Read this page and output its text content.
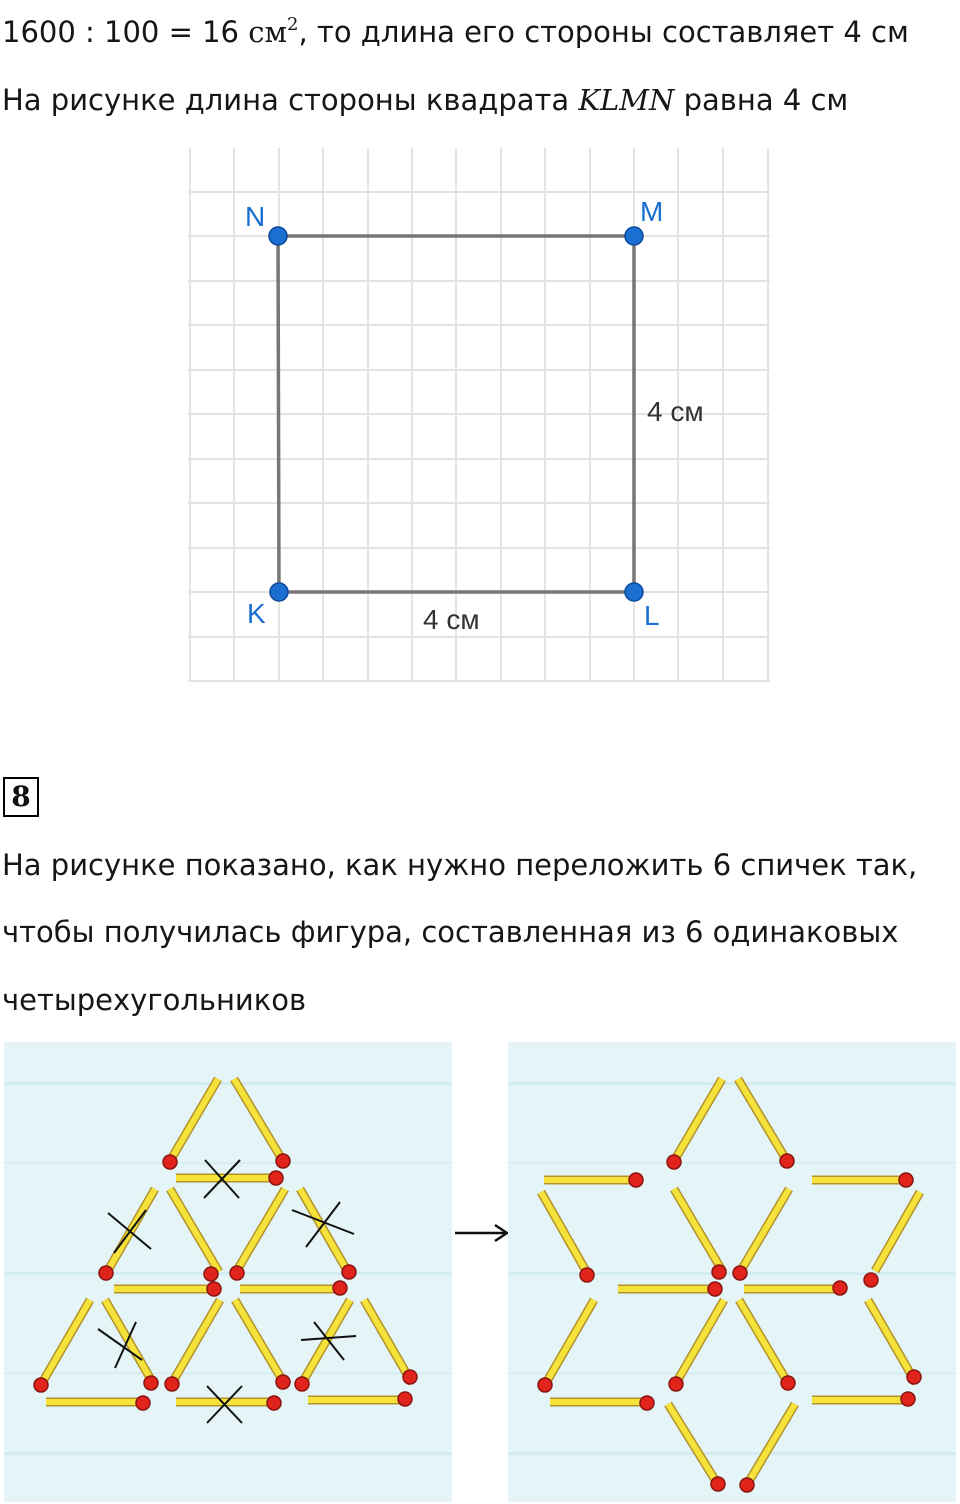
1600 : 100 = 16 $см^2$, то длина его стороны составляет 4 см
На рисунке длина стороны квадрата KLMN равна 4 см
N	M
K	L
4 см
4 см
8
На рисунке показано, как нужно переложить 6 спичек так,
чтобы получилась фигура, составленная из 6 одинаковых
четырехугольников
